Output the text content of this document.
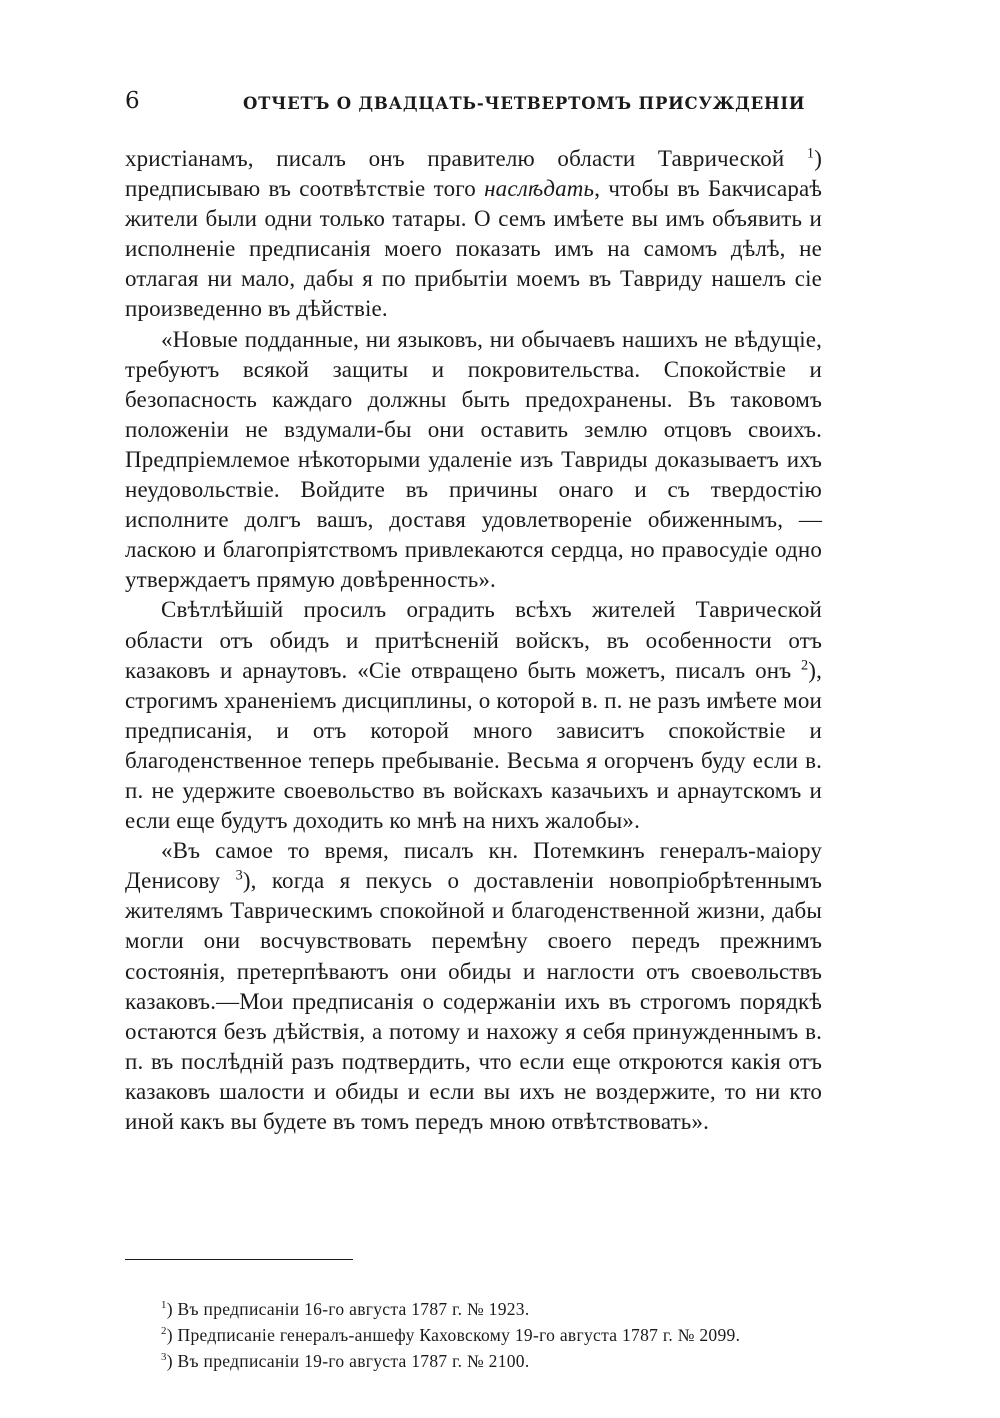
6	ОТЧЕТЪ О ДВАДЦАТЬ-ЧЕТВЕРТОМЪ ПРИСУЖДЕНІИ

христіанамъ, писалъ онъ правителю области Таврической $^1$) предписываю въ соотвѣтствіе того наслѣдать, чтобы въ Бакчисараѣ жители были одни только татары. О семъ имѣете вы имъ объявить и исполненіе предписанія моего показать имъ на самомъ дѣлѣ, не отлагая ни мало, дабы я по прибытіи моемъ въ Тавриду нашелъ сіе произведенно въ дѣйствіе.

«Новые подданные, ни языковъ, ни обычаевъ нашихъ не вѣдущіе, требуютъ всякой защиты и покровительства. Спокойствіе и безопасность каждаго должны быть предохранены. Въ таковомъ положеніи не вздумали-бы они оставить землю отцовъ своихъ. Предпріемлемое нѣкоторыми удаленіе изъ Тавриды доказываетъ ихъ неудовольствіе. Войдите въ причины онаго и съ твердостію исполните долгъ вашъ, доставя удовлетвореніе обиженнымъ, — ласкою и благопріятствомъ привлекаются сердца, но правосудіе одно утверждаетъ прямую довѣренность».

Свѣтлѣйшій просилъ оградить всѣхъ жителей Таврической области отъ обидъ и притѣсненій войскъ, въ особенности отъ казаковъ и арнаутовъ. «Сіе отвращено быть можетъ, писалъ онъ $^2$), строгимъ храненіемъ дисциплины, о которой в. п. не разъ имѣете мои предписанія, и отъ которой много зависитъ спокойствіе и благоденственное теперь пребываніе. Весьма я огорченъ буду если в. п. не удержите своевольство въ войскахъ казачьихъ и арнаутскомъ и если еще будутъ доходить ко мнѣ на нихъ жалобы».

«Въ самое то время, писалъ кн. Потемкинъ генералъ-маіору Денисову $^3$), когда я пекусь о доставленіи новопріобрѣтеннымъ жителямъ Таврическимъ спокойной и благоденственной жизни, дабы могли они восчувствовать перемѣну своего передъ прежнимъ состоянія, претерпѣваютъ они обиды и наглости отъ своевольствъ казаковъ.—Мои предписанія о содержаніи ихъ въ строгомъ порядкѣ остаются безъ дѣйствія, а потому и нахожу я себя принужденнымъ в. п. въ послѣдній разъ подтвердить, что если еще откроются какія отъ казаковъ шалости и обиды и если вы ихъ не воздержите, то ни кто иной какъ вы будете въ томъ передъ мною отвѣтствовать».

$^1$) Въ предписаніи 16-го августа 1787 г. № 1923.

$^2$) Предписаніе генералъ-аншефу Каховскому 19-го августа 1787 г. № 2099.

$^3$) Въ предписаніи 19-го августа 1787 г. № 2100.
